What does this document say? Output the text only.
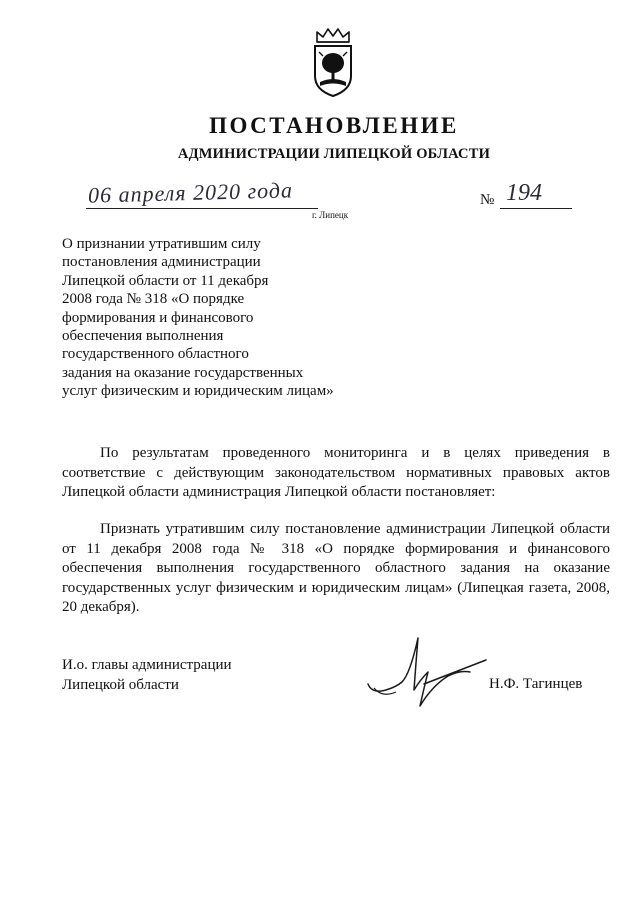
ПОСТАНОВЛЕНИЕ
АДМИНИСТРАЦИИ ЛИПЕЦКОЙ ОБЛАСТИ
06 апреля 2020 года
г. Липецк
№ 194
О признании утратившим силу
постановления администрации
Липецкой области от 11 декабря
2008 года № 318 «О порядке
формирования и финансового
обеспечения выполнения
государственного областного
задания на оказание государственных
услуг физическим и юридическим лицам»
По результатам проведенного мониторинга и в целях приведения в соответствие с действующим законодательством нормативных правовых актов Липецкой области администрация Липецкой области постановляет:
Признать утратившим силу постановление администрации Липецкой области от 11 декабря 2008 года № 318 «О порядке формирования и финансового обеспечения выполнения государственного областного задания на оказание государственных услуг физическим и юридическим лицам» (Липецкая газета, 2008, 20 декабря).
И.о. главы администрации
Липецкой области	Н.Ф. Тагинцев
